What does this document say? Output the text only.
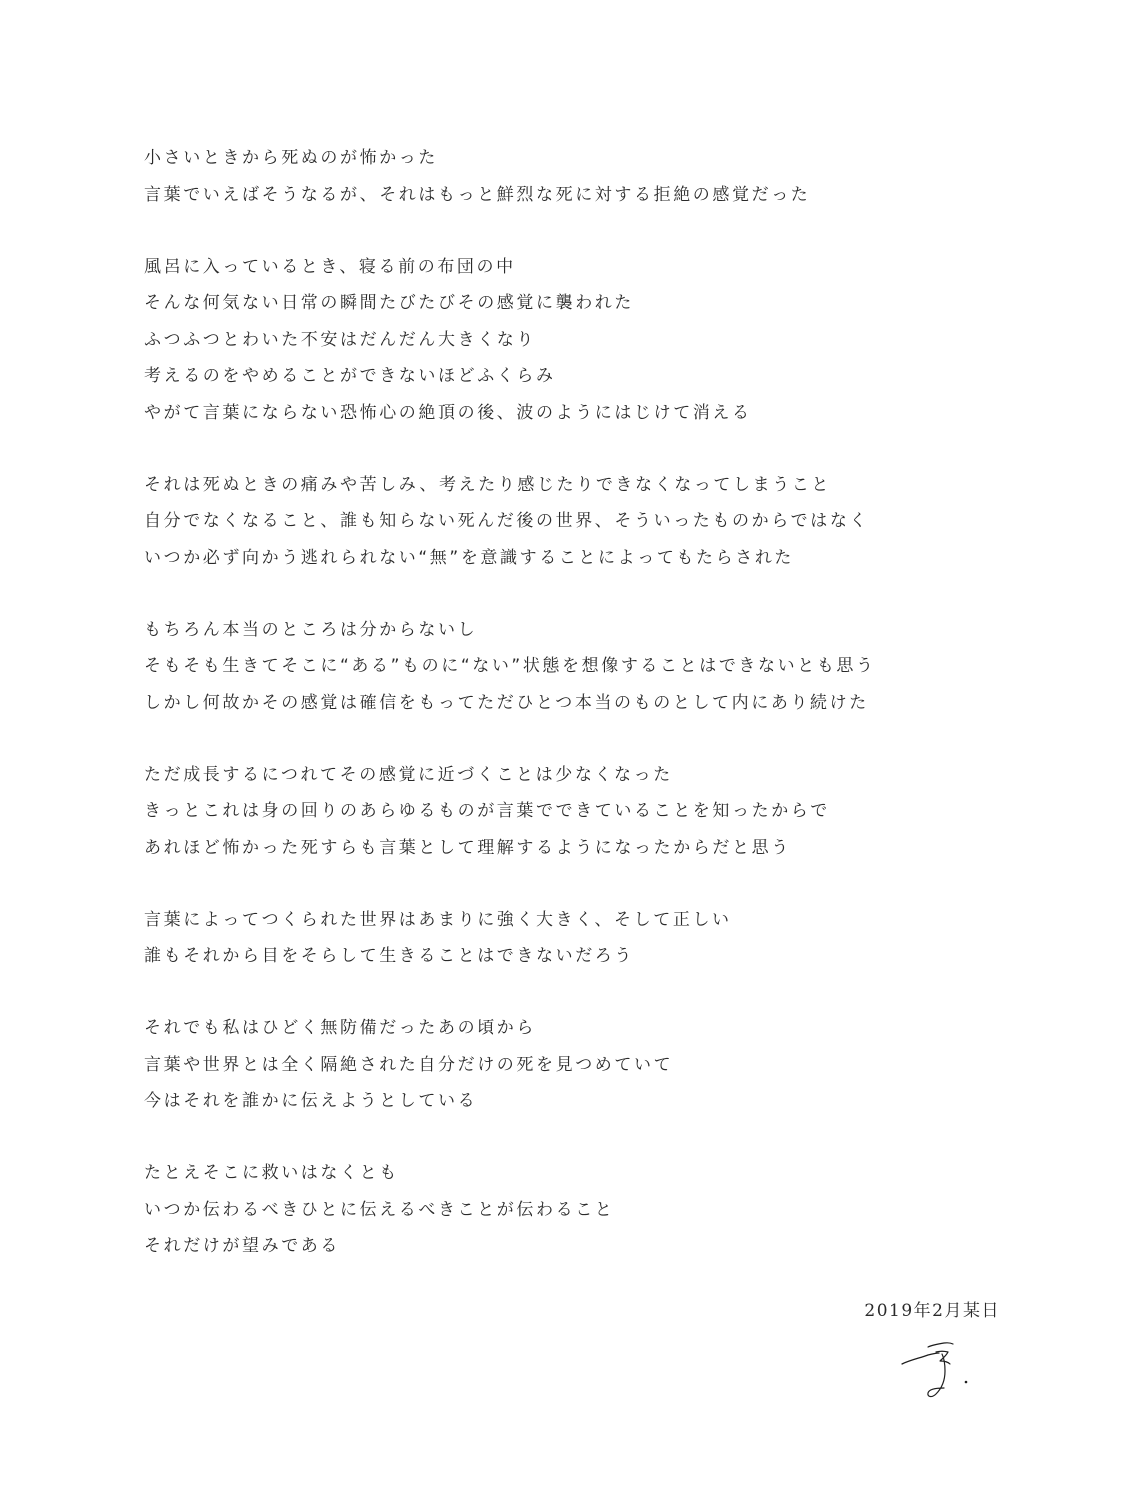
小さいときから死ぬのが怖かった
言葉でいえばそうなるが、それはもっと鮮烈な死に対する拒絶の感覚だった
風呂に入っているとき、寝る前の布団の中
そんな何気ない日常の瞬間たびたびその感覚に襲われた
ふつふつとわいた不安はだんだん大きくなり
考えるのをやめることができないほどふくらみ
やがて言葉にならない恐怖心の絶頂の後、波のようにはじけて消える
それは死ぬときの痛みや苦しみ、考えたり感じたりできなくなってしまうこと
自分でなくなること、誰も知らない死んだ後の世界、そういったものからではなく
いつか必ず向かう逃れられない“無”を意識することによってもたらされた
もちろん本当のところは分からないし
そもそも生きてそこに“ある”ものに“ない”状態を想像することはできないとも思う
しかし何故かその感覚は確信をもってただひとつ本当のものとして内にあり続けた
ただ成長するにつれてその感覚に近づくことは少なくなった
きっとこれは身の回りのあらゆるものが言葉でできていることを知ったからで
あれほど怖かった死すらも言葉として理解するようになったからだと思う
言葉によってつくられた世界はあまりに強く大きく、そして正しい
誰もそれから目をそらして生きることはできないだろう
それでも私はひどく無防備だったあの頃から
言葉や世界とは全く隔絶された自分だけの死を見つめていて
今はそれを誰かに伝えようとしている
たとえそこに救いはなくとも
いつか伝わるべきひとに伝えるべきことが伝わること
それだけが望みである
2019年2月某日
